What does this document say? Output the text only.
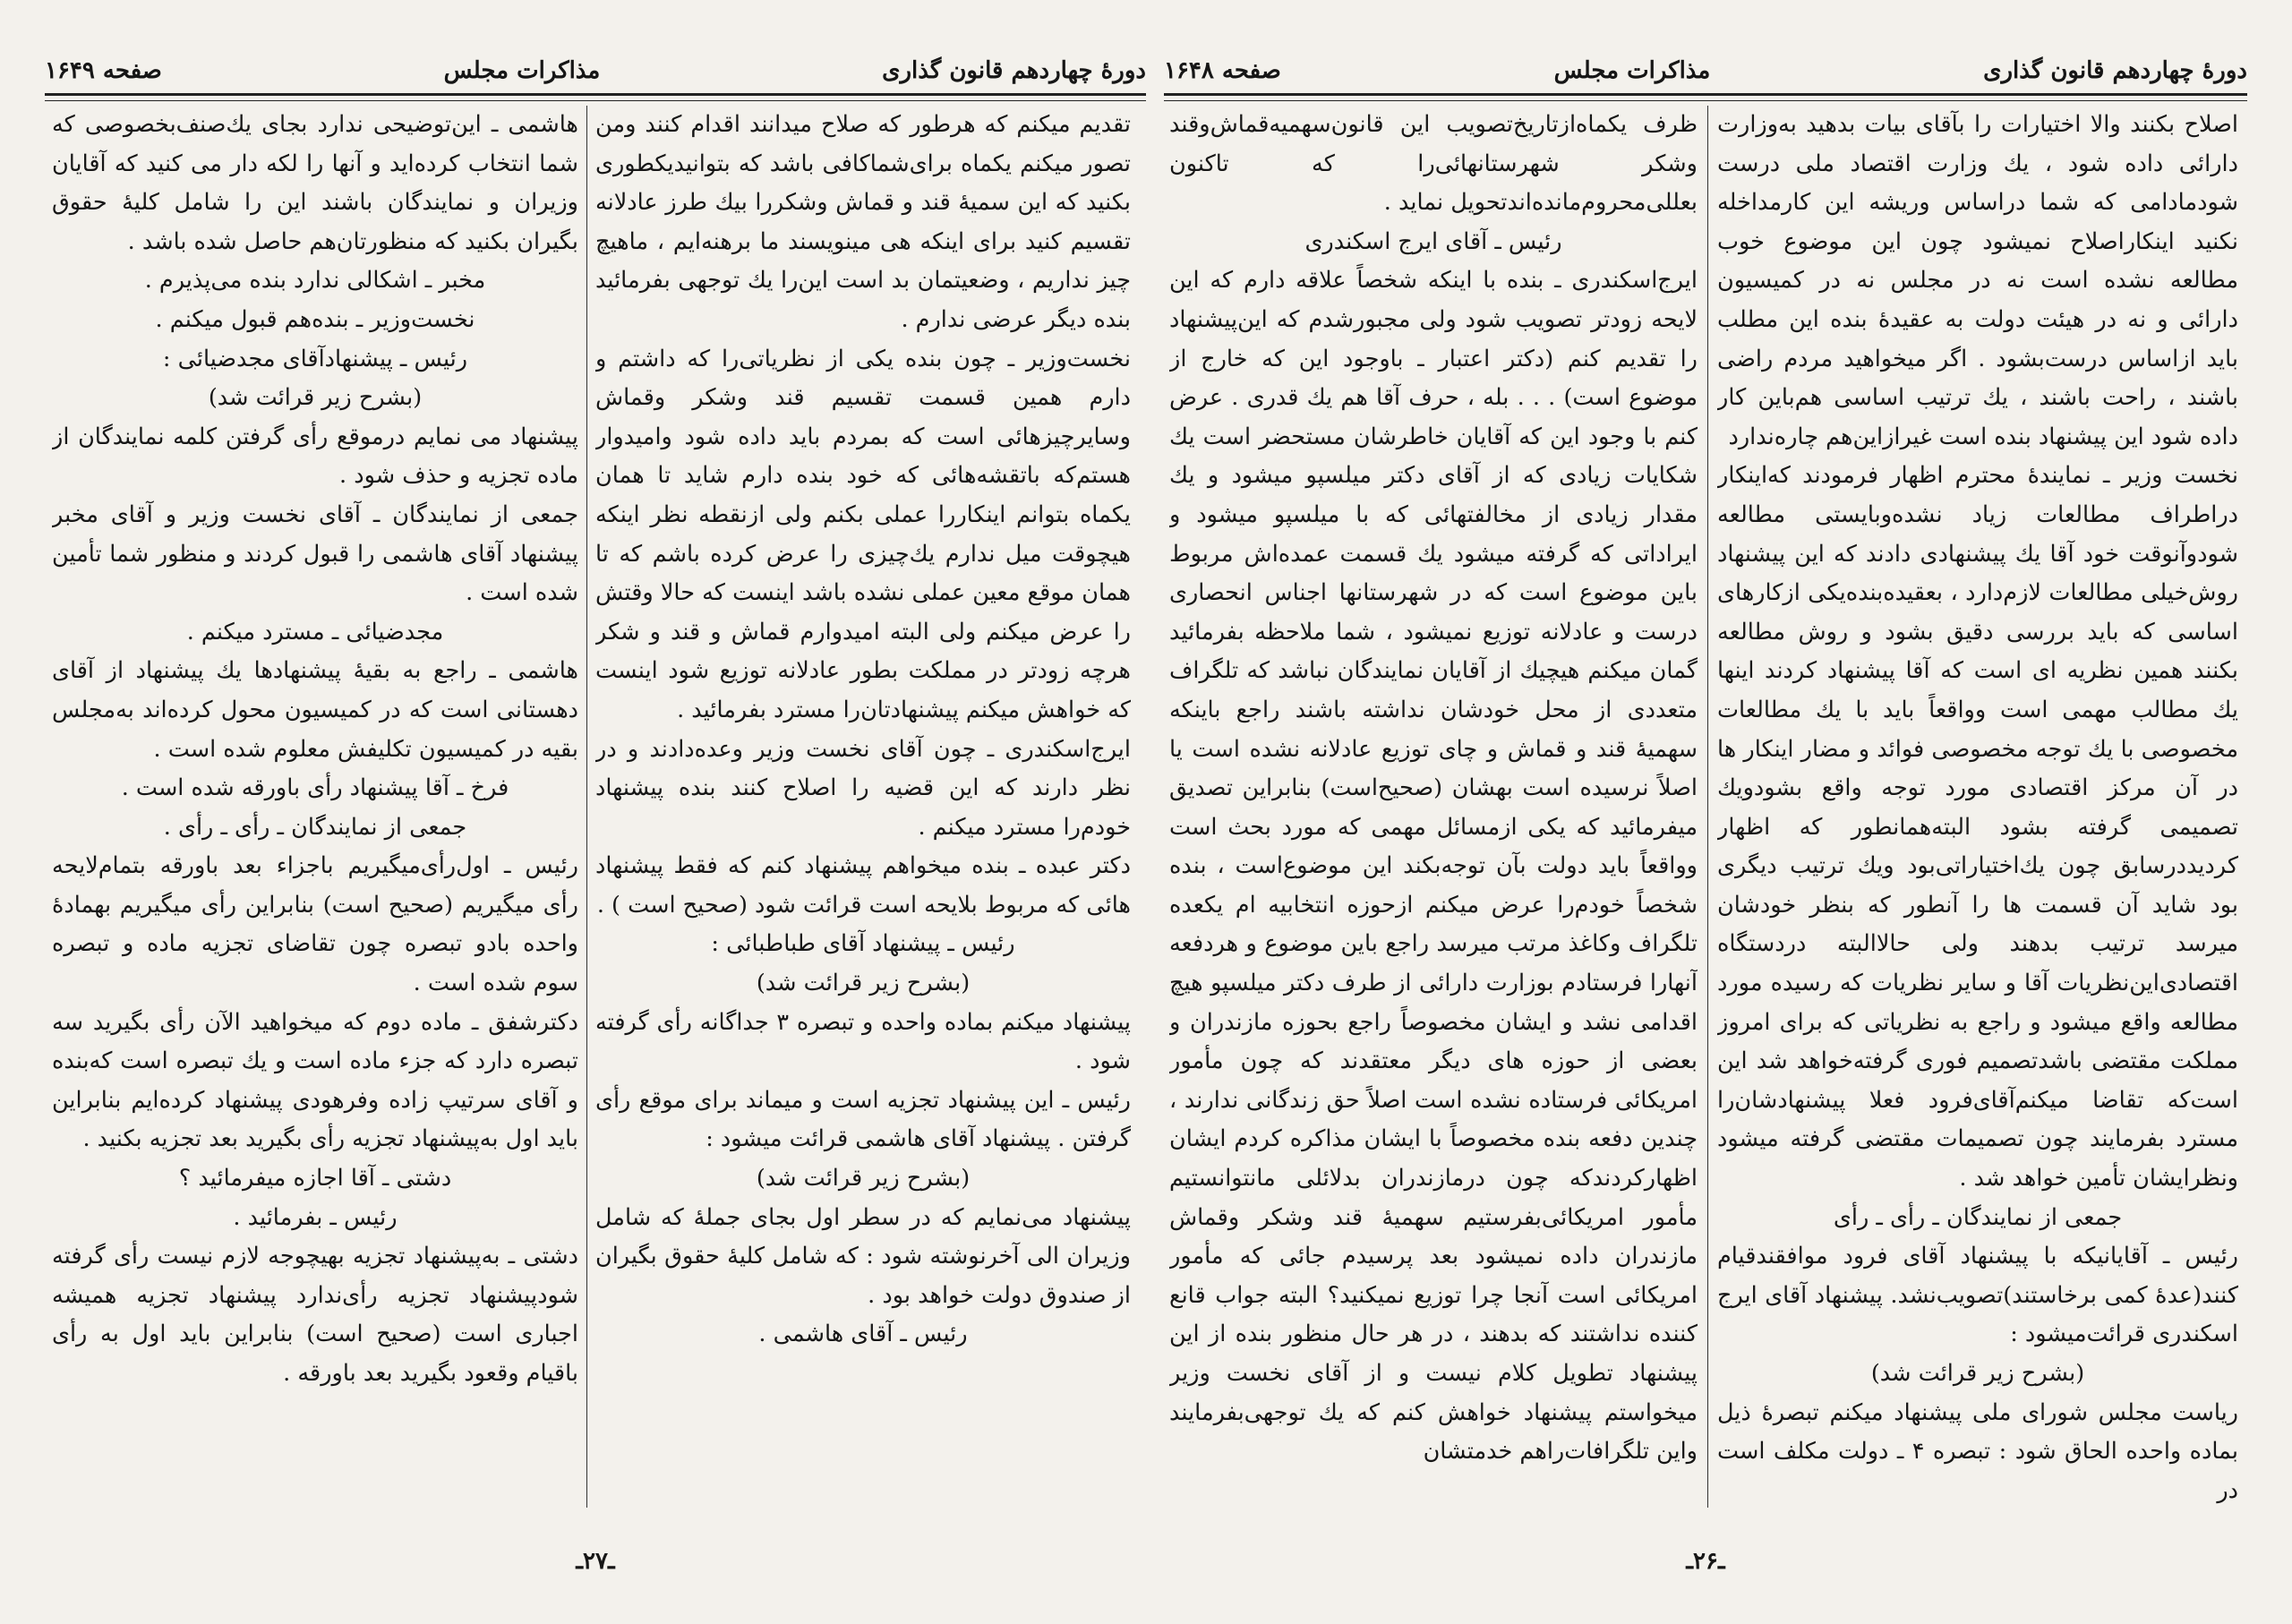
دورهٔ چهاردهم قانون گذاری
مذاکرات مجلس
صفحه ۱۶۴۹

تقدیم میکنم که هرطور که صلاح میدانند اقدام کنند ومن تصور میکنم یکماه برای‌شماکافی باشد که بتوانیدیکطوری بکنید که این سمیهٔ قند و قماش وشکررا بیك طرز عادلانه تقسیم کنید برای اینکه هی مینویسند ما برهنه‌ایم ، ماهیچ چیز نداریم ، وضعیتمان بد است این‌را یك توجهی بفرمائید بنده دیگر عرضی ندارم .

نخست‌وزیر ـ چون بنده یکی از نظریاتی‌را که داشتم و دارم همین قسمت تقسیم قند وشکر وقماش وسایرچیزهائی است که بمردم باید داده شود وامیدوار هستم‌که باتقشه‌هائی که خود بنده دارم شاید تا همان یکماه بتوانم اینکاررا عملی بکنم ولی ازنقطه نظر اینکه هیچوقت میل ندارم یك‌چیزی را عرض کرده باشم که تا همان موقع معین عملی نشده باشد اینست که حالا وقتش را عرض میکنم ولی البته امیدوارم قماش و قند و شکر هرچه زودتر در مملکت بطور عادلانه توزیع شود اینست که خواهش میکنم پیشنهادتان‌را مسترد بفرمائید .

ایرج‌اسکندری ـ چون آقای نخست وزیر وعده‌دادند و در نظر دارند که این قضیه را اصلاح کنند بنده پیشنهاد خودم‌را مسترد میکنم .

دکتر عبده ـ بنده میخواهم پیشنهاد کنم که فقط پیشنهاد هائی که مربوط بلایحه است قرائت شود (صحیح است ) .

رئیس ـ پیشنهاد آقای طباطبائی :

(بشرح زیر قرائت شد)

پیشنهاد میکنم بماده واحده و تبصره ۳ جداگانه رأی گرفته شود .

رئیس ـ این پیشنهاد تجزیه است و میماند برای موقع رأی گرفتن . پیشنهاد آقای هاشمی قرائت میشود :

(بشرح زیر قرائت شد)

پیشنهاد می‌نمایم که در سطر اول بجای جملهٔ که شامل وزیران الی آخرنوشته شود : که شامل کلیهٔ حقوق بگیران از صندوق دولت خواهد بود .

رئیس ـ آقای هاشمی .

هاشمی ـ این‌توضیحی ندارد بجای یك‌صنف‌بخصوصی که شما انتخاب کرده‌اید و آنها را لکه دار می کنید که آقایان وزیران و نمایندگان باشند این را شامل کلیهٔ حقوق بگیران بکنید که منظورتان‌هم حاصل شده باشد .

مخبر ـ اشکالی ندارد بنده می‌پذیرم .

نخست‌وزیر ـ بنده‌هم قبول میکنم .

رئیس ـ پیشنهادآقای مجدضیائی :

(بشرح زیر قرائت شد)

پیشنهاد می نمایم درموقع رأی گرفتن کلمه نمایندگان از ماده تجزیه و حذف شود .

جمعی از نمایندگان ـ آقای نخست وزیر و آقای مخبر پیشنهاد آقای هاشمی را قبول کردند و منظور شما تأمین شده است .

مجدضیائی ـ مسترد میکنم .

هاشمی ـ راجع به بقیهٔ پیشنهادها یك پیشنهاد از آقای دهستانی است که در کمیسیون محول کرده‌اند به‌مجلس بقیه در کمیسیون تکلیفش معلوم شده است .

فرخ ـ آقا پیشنهاد رأی باورقه شده است .

جمعی از نمایندگان ـ رأی ـ رأی .

رئیس ـ اول‌رأی‌میگیریم باجزاء بعد باورقه بتمام‌لایحه رأی میگیریم (صحیح است) بنابراین رأی میگیریم بهمادهٔ واحده بادو تبصره چون تقاضای تجزیه ماده و تبصره سوم شده است .

دکترشفق ـ ماده دوم که میخواهید الآن رأی بگیرید سه تبصره دارد که جزء ماده است و یك تبصره است که‌بنده و آقای سرتیپ زاده وفرهودی پیشنهاد کرده‌ایم بنابراین باید اول به‌پیشنهاد تجزیه رأی بگیرید بعد تجزیه بکنید .

دشتی ـ آقا اجازه میفرمائید ؟

رئیس ـ بفرمائید .

دشتی ـ به‌پیشنهاد تجزیه بهیچوجه لازم نیست رأی گرفته شودپیشنهاد تجزیه رأی‌ندارد پیشنهاد تجزیه همیشه اجباری است (صحیح است) بنابراین باید اول به رأی باقیام وقعود بگیرید بعد باورقه .

ـ۲۷ـ
دورهٔ چهاردهم قانون گذاری
مذاکرات مجلس
صفحه ۱۶۴۸

اصلاح بکنند والا اختیارات را بآقای بیات بدهید به‌وزارت دارائی داده شود ، یك وزارت اقتصاد ملی درست شودمادامی که شما دراساس وریشه این کارمداخله نکنید اینکاراصلاح نمیشود چون این موضوع خوب مطالعه نشده است نه در مجلس نه در کمیسیون دارائی و نه در هیئت دولت به عقیدهٔ بنده این مطلب باید ازاساس درست‌بشود . اگر میخواهید مردم راضی باشند ، راحت باشند ، یك ترتیب اساسی هم‌باین کار داده شود این پیشنهاد بنده است غیرازاین‌هم چاره‌ندارد

نخست وزیر ـ نمایندهٔ محترم اظهار فرمودند که‌اینکار دراطراف مطالعات زیاد نشده‌وبایستی مطالعه شودوآنوقت خود آقا یك پیشنهادی دادند که این پیشنهاد روش‌خیلی مطالعات لازم‌دارد ، بعقیده‌بنده‌یکی ازکارهای اساسی که باید بررسی دقیق بشود و روش مطالعه بکنند همین نظریه ای است که آقا پیشنهاد کردند اینها یك مطالب مهمی است وواقعاً باید با یك مطالعات مخصوصی با یك توجه مخصوصی فوائد و مضار اینکار ها در آن مرکز اقتصادی مورد توجه واقع بشودویك تصمیمی گرفته بشود البته‌همانطور که اظهار کردیددرسابق چون یك‌اختیاراتی‌بود ویك ترتیب دیگری بود شاید آن قسمت ها را آنطور که بنظر خودشان میرسد ترتیب بدهند ولی حالاالبته دردستگاه اقتصادی‌این‌نظریات آقا و سایر نظریات که رسیده مورد مطالعه واقع میشود و راجع به نظریاتی که برای امروز مملکت مقتضی باشدتصمیم فوری گرفته‌خواهد شد این است‌که تقاضا میکنم‌آقای‌فرود فعلا پیشنهادشان‌را مسترد بفرمایند چون تصمیمات مقتضی گرفته میشود ونظرایشان تأمین خواهد شد .

جمعی از نمایندگان ـ رأی ـ رأی

رئیس ـ آقایانیکه با پیشنهاد آقای فرود موافقندقیام کنند(عدهٔ کمی برخاستند)تصویب‌نشد. پیشنهاد آقای ایرج اسکندری قرائت‌میشود :

(بشرح زیر قرائت شد)

ریاست مجلس شورای ملی پیشنهاد میکنم تبصرهٔ ذیل بماده واحده الحاق شود : تبصره ۴ ـ دولت مکلف است در

ظرف یکماه‌ازتاریخ‌تصویب این قانون‌سهمیه‌قماش‌وقند وشکر شهرستانهائی‌را که تاکنون بعللی‌محروم‌مانده‌اندتحویل نماید .

رئیس ـ آقای ایرج اسکندری

ایرج‌اسکندری ـ بنده با اینکه شخصاً علاقه دارم که این لایحه زودتر تصویب شود ولی مجبورشدم که این‌پیشنهاد را تقدیم کنم (دکتر اعتبار ـ باوجود این که خارج از موضوع است) . . . بله ، حرف آقا هم یك قدری . عرض کنم با وجود این که آقایان خاطرشان مستحضر است یك شکایات زیادی که از آقای دکتر میلسپو میشود و یك مقدار زیادی از مخالفتهائی که با میلسپو میشود و ایراداتی که گرفته میشود یك قسمت عمده‌اش مربوط باین موضوع است که در شهرستانها اجناس انحصاری درست و عادلانه توزیع نمیشود ، شما ملاحظه بفرمائید گمان میکنم هیچیك از آقایان نمایندگان نباشد که تلگراف متعددی از محل خودشان نداشته باشند راجع باینکه سهمیهٔ قند و قماش و چای توزیع عادلانه نشده است یا اصلاً نرسیده است بهشان (صحیح‌است) بنابراین تصدیق میفرمائید که یکی ازمسائل مهمی که مورد بحث است وواقعاً باید دولت بآن توجه‌بکند این موضوع‌است ، بنده شخصاً خودم‌را عرض میکنم ازحوزه انتخابیه ام یکعده تلگراف وکاغذ مرتب میرسد راجع باین موضوع و هردفعه آنهارا فرستادم بوزارت دارائی از طرف دکتر میلسپو هیچ اقدامی نشد و ایشان مخصوصاً راجع بحوزه مازندران و بعضی از حوزه های دیگر معتقدند که چون مأمور امریکائی فرستاده نشده است اصلاً حق زندگانی ندارند ، چندین دفعه بنده مخصوصاً با ایشان مذاکره کردم ایشان اظهارکردندکه چون درمازندران بدلائلی مانتوانستیم مأمور امریکائی‌بفرستیم سهمیهٔ قند وشکر وقماش مازندران داده نمیشود بعد پرسیدم جائی که مأمور امریکائی است آنجا چرا توزیع نمیکنید؟ البته جواب قانع کننده نداشتند که بدهند ، در هر حال منظور بنده از این پیشنهاد تطویل کلام نیست و از آقای نخست وزیر میخواستم پیشنهاد خواهش کنم که یك توجهی‌بفرمایند واین تلگرافات‌راهم خدمتشان

ـ۲۶ـ
